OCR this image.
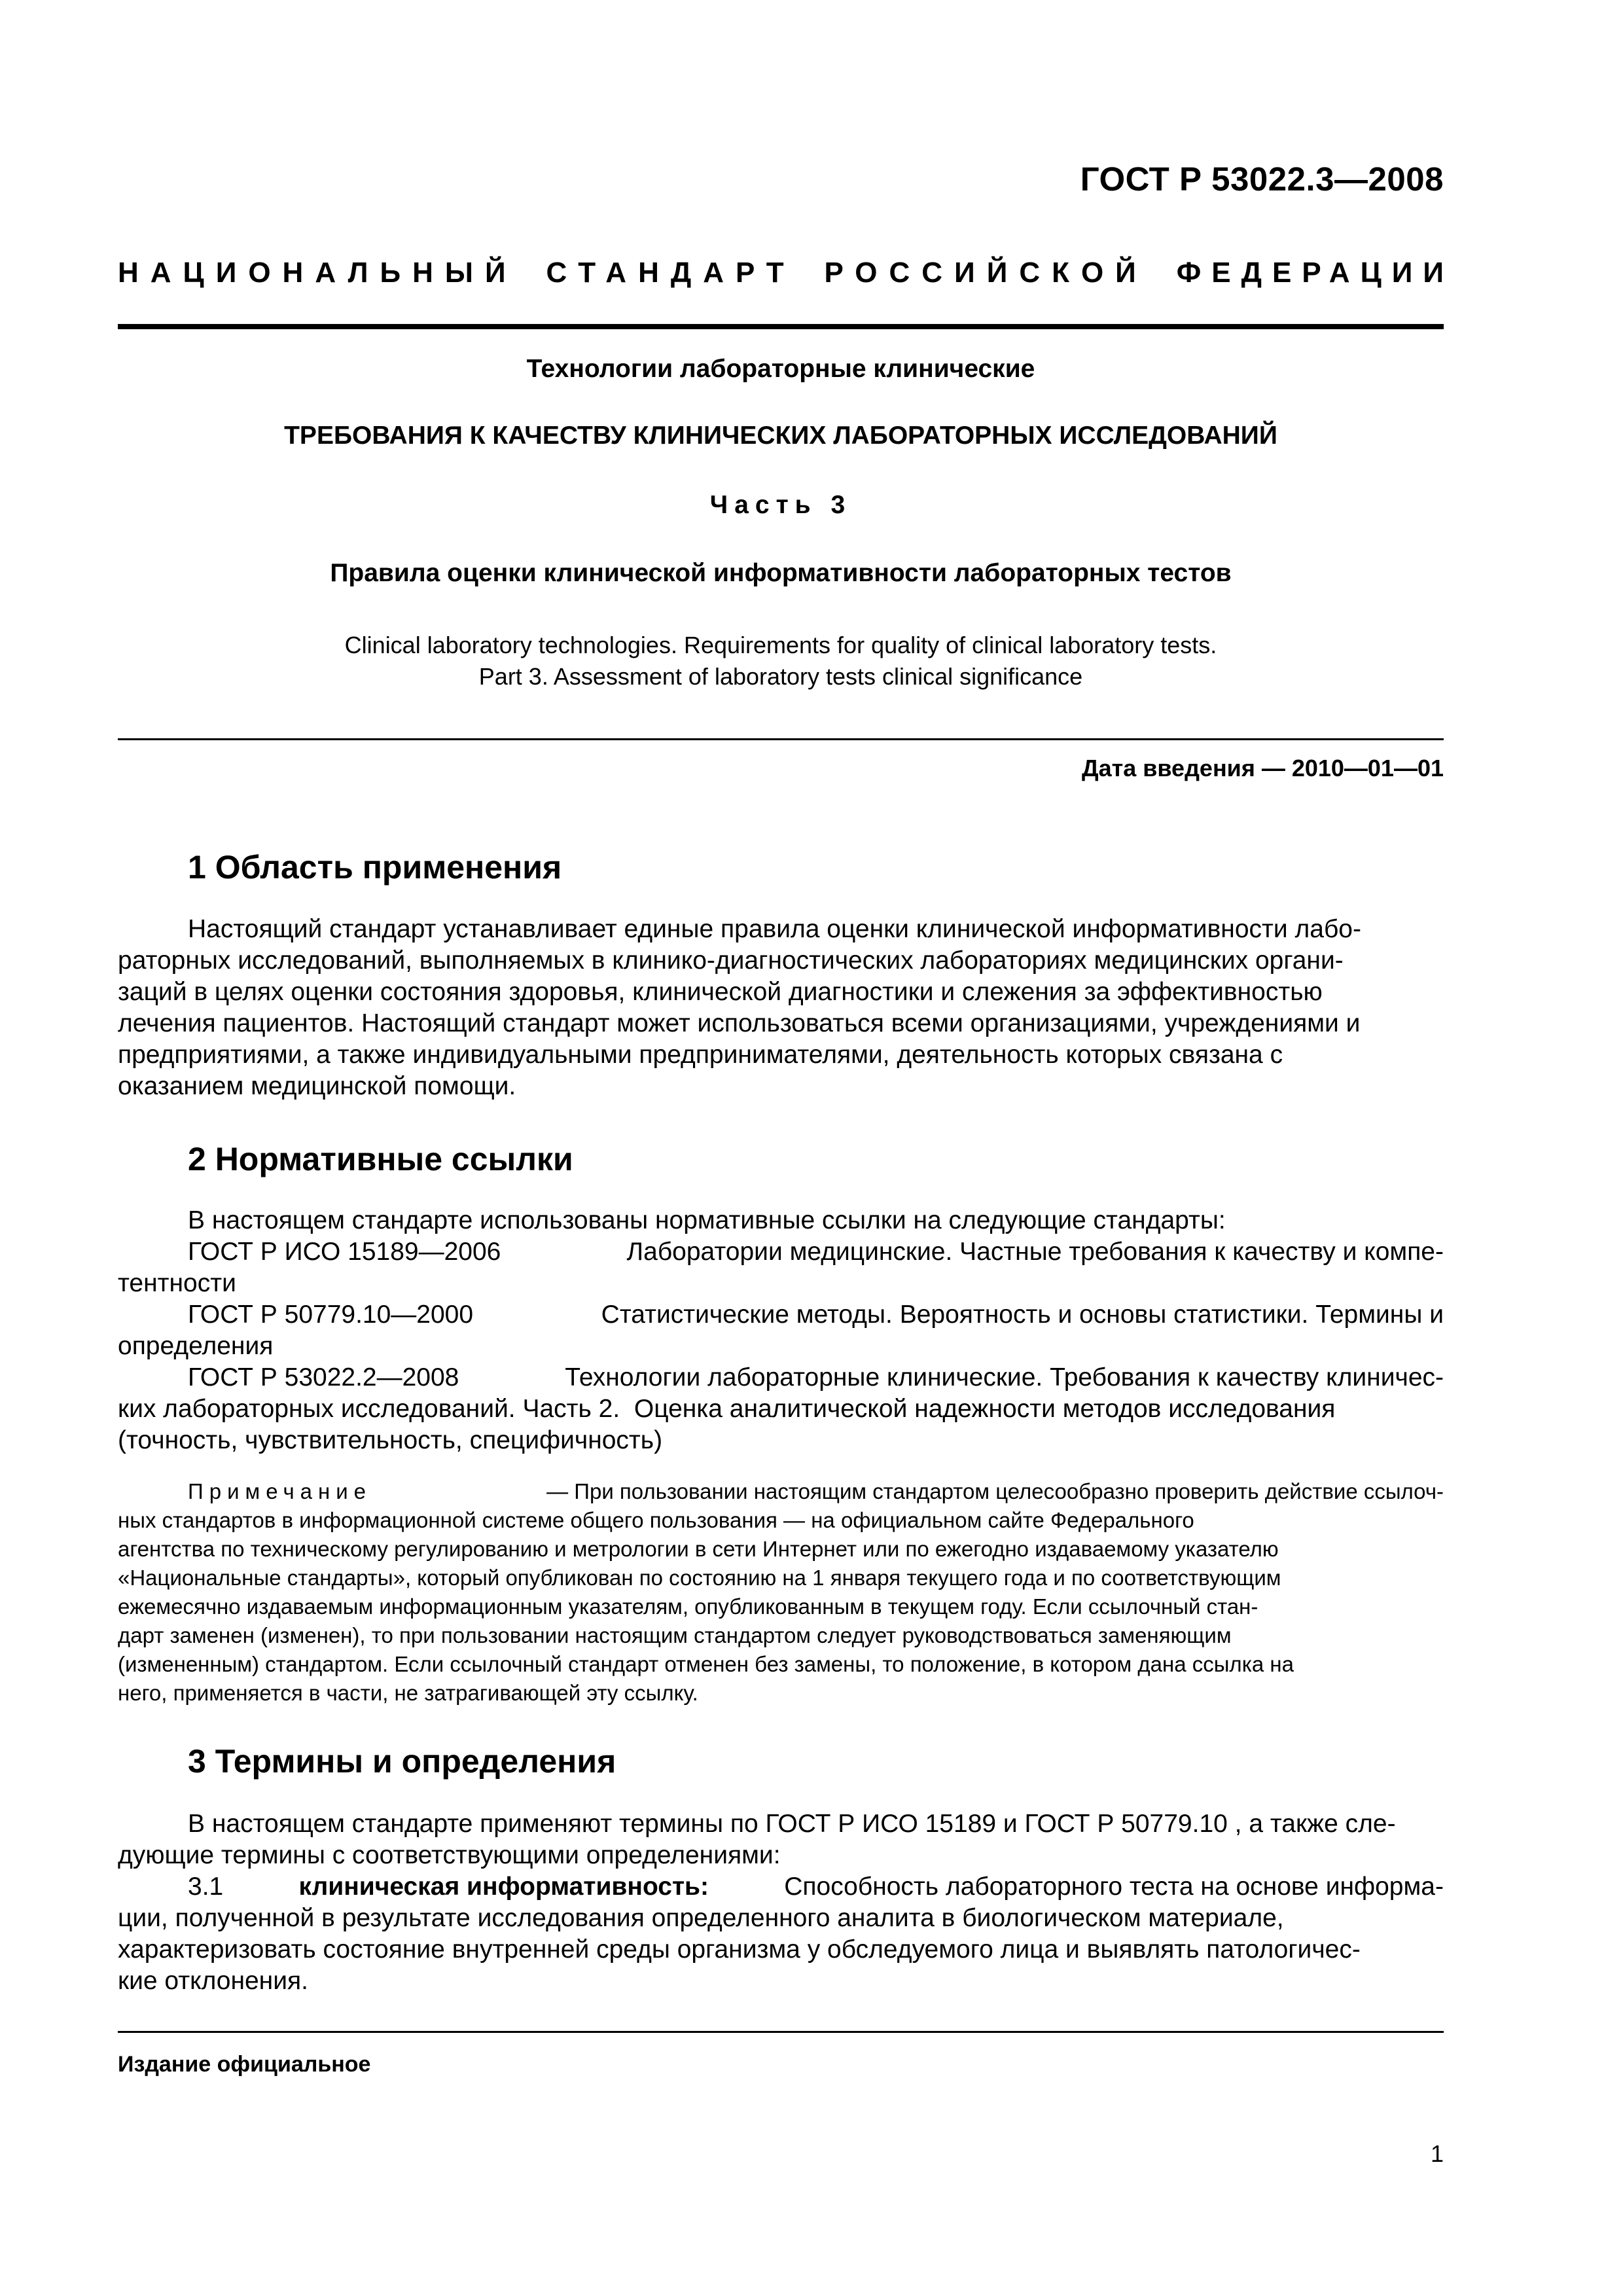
ГОСТ Р 53022.3—2008
НАЦИОНАЛЬНЫЙ СТАНДАРТ РОССИЙСКОЙ ФЕДЕРАЦИИ
Технологии лабораторные клинические
ТРЕБОВАНИЯ К КАЧЕСТВУ КЛИНИЧЕСКИХ ЛАБОРАТОРНЫХ ИССЛЕДОВАНИЙ
Часть 3
Правила оценки клинической информативности лабораторных тестов
Clinical laboratory technologies. Requirements for quality of clinical laboratory tests.
Part 3. Assessment of laboratory tests clinical significance
Дата введения — 2010—01—01
1 Область применения
Настоящий стандарт устанавливает единые правила оценки клинической информативности лабо-
раторных исследований, выполняемых в клинико-диагностических лабораториях медицинских органи-
заций в целях оценки состояния здоровья, клинической диагностики и слежения за эффективностью
лечения пациентов. Настоящий стандарт может использоваться всеми организациями, учреждениями и
предприятиями, а также индивидуальными предпринимателями, деятельность которых связана с
оказанием медицинской помощи.
2 Нормативные ссылки
В настоящем стандарте использованы нормативные ссылки на следующие стандарты:
ГОСТ Р ИСО 15189—2006	Лаборатории медицинские. Частные требования к качеству и компе-
тентности
ГОСТ Р 50779.10—2000	Статистические методы. Вероятность и основы статистики. Термины и
определения
ГОСТ Р 53022.2—2008	Технологии лабораторные клинические. Требования к качеству клиничес-
ких лабораторных исследований. Часть 2.  Оценка аналитической надежности методов исследования
(точность, чувствительность, специфичность)
Примечание	— При пользовании настоящим стандартом целесообразно проверить действие ссылоч-
ных стандартов в информационной системе общего пользования — на официальном сайте Федерального
агентства по техническому регулированию и метрологии в сети Интернет или по ежегодно издаваемому указателю
«Национальные стандарты», который опубликован по состоянию на 1 января текущего года и по соответствующим
ежемесячно издаваемым информационным указателям, опубликованным в текущем году. Если ссылочный стан-
дарт заменен (изменен), то при пользовании настоящим стандартом следует руководствоваться заменяющим
(измененным) стандартом. Если ссылочный стандарт отменен без замены, то положение, в котором дана ссылка на
него, применяется в части, не затрагивающей эту ссылку.
3 Термины и определения
В настоящем стандарте применяют термины по ГОСТ Р ИСО 15189 и ГОСТ Р 50779.10 , а также сле-
дующие термины с соответствующими определениями:
3.1	клиническая информативность:	Способность лабораторного теста на основе информа-
ции, полученной в результате исследования определенного аналита в биологическом материале,
характеризовать состояние внутренней среды организма у обследуемого лица и выявлять патологичес-
кие отклонения.
Издание официальное
1
